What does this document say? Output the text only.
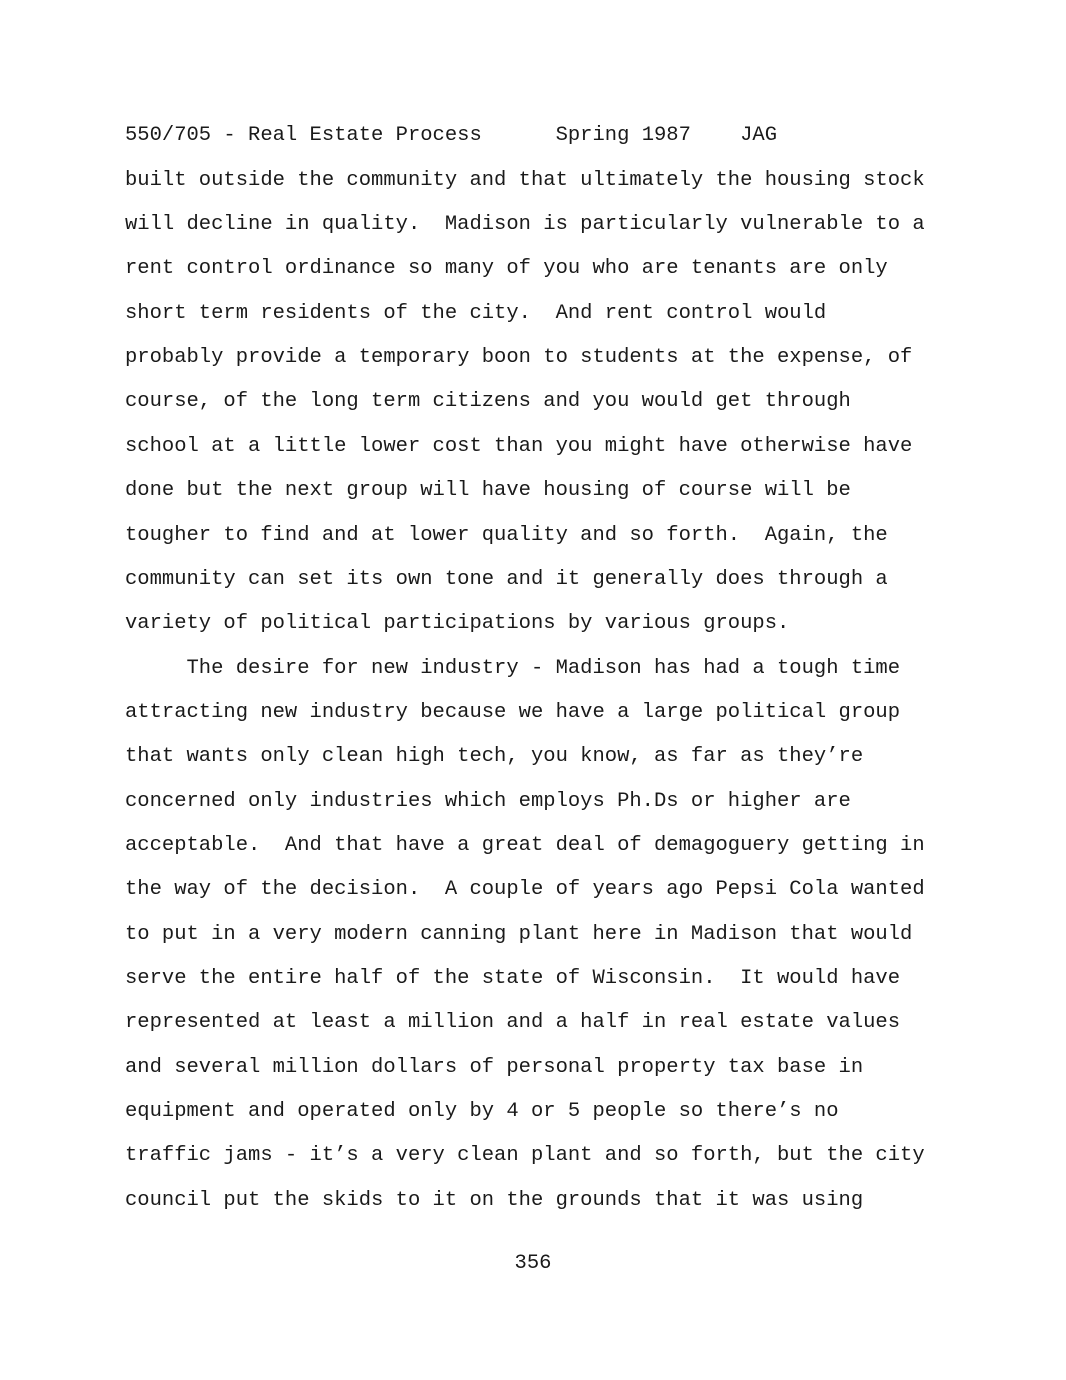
550/705 - Real Estate Process	Spring 1987 JAG
built outside the community and that ultimately the housing stock
will decline in quality.  Madison is particularly vulnerable to a
rent control ordinance so many of you who are tenants are only
short term residents of the city.  And rent control would
probably provide a temporary boon to students at the expense, of
course, of the long term citizens and you would get through
school at a little lower cost than you might have otherwise have
done but the next group will have housing of course will be
tougher to find and at lower quality and so forth.  Again, the
community can set its own tone and it generally does through a
variety of political participations by various groups.
The desire for new industry - Madison has had a tough time
attracting new industry because we have a large political group
that wants only clean high tech, you know, as far as they’re
concerned only industries which employs Ph.Ds or higher are
acceptable.  And that have a great deal of demagoguery getting in
the way of the decision.  A couple of years ago Pepsi Cola wanted
to put in a very modern canning plant here in Madison that would
serve the entire half of the state of Wisconsin.  It would have
represented at least a million and a half in real estate values
and several million dollars of personal property tax base in
equipment and operated only by 4 or 5 people so there’s no
traffic jams - it’s a very clean plant and so forth, but the city
council put the skids to it on the grounds that it was using
356
